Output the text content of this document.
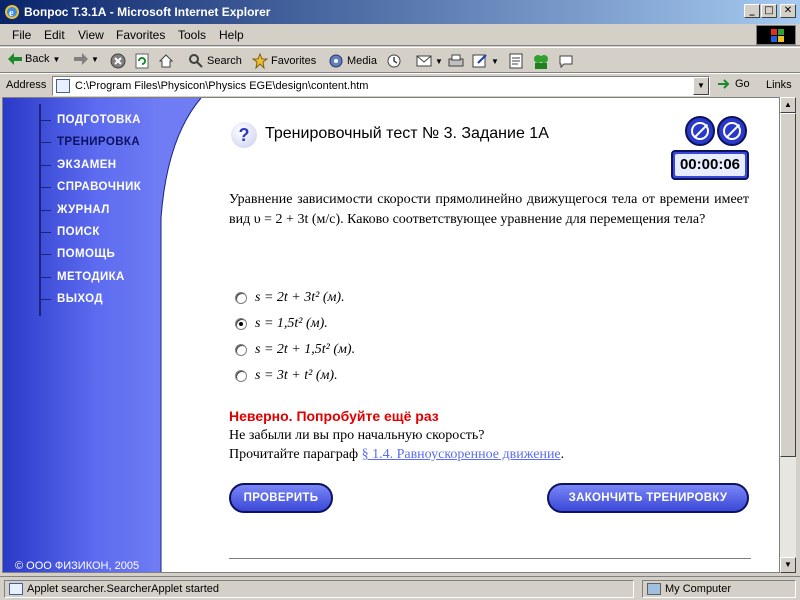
e Вопрос Т.3.1А - Microsoft Internet Explorer	_ □	✕
File Edit View Favorites Tools Help
Back ▼	▼	Search	Favorites	Media	▼	▼
Address	C:\Program Files\Physicon\Physics EGE\design\content.htm	▼	Go Links
ПОДГОТОВКА
ТРЕНИРОВКА
ЭКЗАМЕН
СПРАВОЧНИК
ЖУРНАЛ
ПОИСК
ПОМОЩЬ
МЕТОДИКА
ВЫХОД
© ООО ФИЗИКОН, 2005
? Тренировочный тест № 3. Задание 1А
00:00:06
Уравнение зависимости скорости прямолинейно движущегося тела от времени имеет вид υ = 2 + 3t (м/с). Каково соответствующее уравнение для перемещения тела?
s = 2t + 3t² (м).
s = 1,5t² (м).
s = 2t + 1,5t² (м).
s = 3t + t² (м).
Неверно. Попробуйте ещё раз
Не забыли ли вы про начальную скорость?
Прочитайте параграф § 1.4. Равноускоренное движение.
ПРОВЕРИТЬ	ЗАКОНЧИТЬ ТРЕНИРОВКУ
▲
▼
Applet searcher.SearcherApplet started	My Computer
